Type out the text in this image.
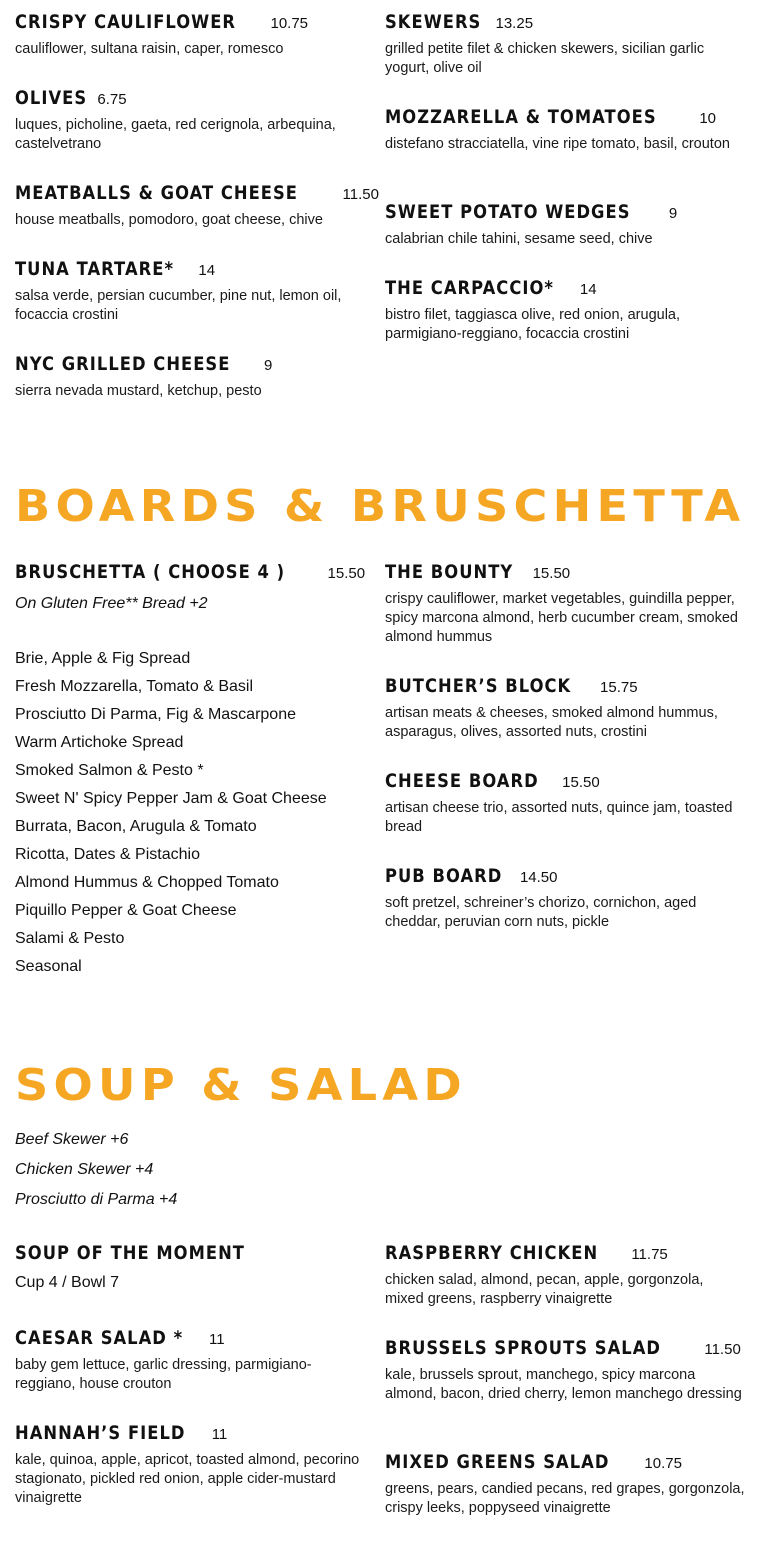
CRISPY CAULIFLOWER 10.75
cauliflower, sultana raisin, caper, romesco
OLIVES 6.75
luques, picholine, gaeta, red cerignola, arbequina, castelvetrano
MEATBALLS & GOAT CHEESE	11.50
house meatballs, pomodoro, goat cheese, chive
TUNA TARTARE* 14
salsa verde, persian cucumber, pine nut, lemon oil, focaccia crostini
NYC GRILLED CHEESE 9
sierra nevada mustard, ketchup, pesto
SKEWERS 13.25
grilled petite filet & chicken skewers, sicilian garlic yogurt, olive oil
MOZZARELLA & TOMATOES	10
distefano stracciatella, vine ripe tomato, basil, crouton
SWEET POTATO WEDGES	9
calabrian chile tahini, sesame seed, chive
THE CARPACCIO* 14
bistro filet, taggiasca olive, red onion, arugula, parmigiano-reggiano, focaccia crostini
BOARDS & BRUSCHETTA
BRUSCHETTA ( CHOOSE 4 )	15.50
On Gluten Free** Bread +2
Brie, Apple & Fig Spread
Fresh Mozzarella, Tomato & Basil
Prosciutto Di Parma, Fig & Mascarpone
Warm Artichoke Spread
Smoked Salmon & Pesto *
Sweet N' Spicy Pepper Jam & Goat Cheese
Burrata, Bacon, Arugula & Tomato
Ricotta, Dates & Pistachio
Almond Hummus & Chopped Tomato
Piquillo Pepper & Goat Cheese
Salami & Pesto
Seasonal
THE BOUNTY 15.50
crispy cauliflower, market vegetables, guindilla pepper, spicy marcona almond, herb cucumber cream, smoked almond hummus
BUTCHER’S BLOCK 15.75
artisan meats & cheeses, smoked almond hummus, asparagus, olives, assorted nuts, crostini
CHEESE BOARD 15.50
artisan cheese trio, assorted nuts, quince jam, toasted bread
PUB BOARD 14.50
soft pretzel, schreiner’s chorizo, cornichon, aged cheddar, peruvian corn nuts, pickle
SOUP & SALAD
Beef Skewer +6
Chicken Skewer +4
Prosciutto di Parma +4
SOUP OF THE MOMENT
Cup 4 / Bowl 7
CAESAR SALAD * 11
baby gem lettuce, garlic dressing, parmigiano-reggiano, house crouton
HANNAH’S FIELD 11
kale, quinoa, apple, apricot, toasted almond, pecorino
stagionato, pickled red onion, apple cider-mustard vinaigrette
RASPBERRY CHICKEN 11.75
chicken salad, almond, pecan, apple, gorgonzola, mixed greens, raspberry vinaigrette
BRUSSELS SPROUTS SALAD	11.50
kale, brussels sprout, manchego, spicy marcona almond, bacon, dried cherry, lemon manchego dressing
MIXED GREENS SALAD 10.75
greens, pears, candied pecans, red grapes, gorgonzola, crispy leeks, poppyseed vinaigrette
